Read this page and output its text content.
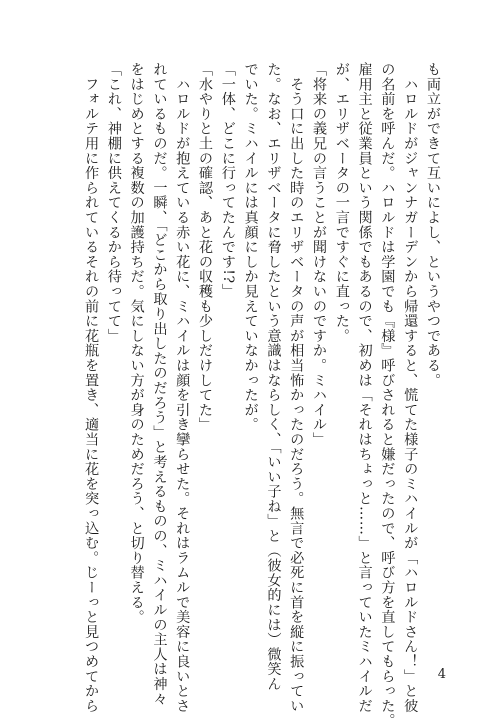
も両立ができて互いによし、というやつである。
　ハロルドがジャンナガーデンから帰還すると、慌てた様子のミハイルが「ハロルドさん！」と彼
の名前を呼んだ。ハロルドは学園でも『様』呼びされると嫌だったので、呼び方を直してもらった。
雇用主と従業員という関係でもあるので、初めは「それはちょっと……」と言っていたミハイルだ
が、エリザベータの一言ですぐに直った。
「将来の義兄の言うことが聞けないのですか。ミハイル」
　そう口に出した時のエリザベータの声が相当怖かったのだろう。無言で必死に首を縦に振ってい
た。なお、エリザベータに脅したという意識はならしく、「いい子ね」と（彼女的には）微笑ん
でいた。ミハイルには真顔にしか見えていなかったが。
「一体、どこに行ってたんです!?」
「水やりと土の確認、あと花の収穫も少しだけしてた」
　ハロルドが抱えている赤い花に、ミハイルは顔を引き攣らせた。それはラムルで美容に良いとさ
れているものだ。一瞬、「どこから取り出したのだろう」と考えるものの、ミハイルの主人は神々
をはじめとする複数の加護持ちだ。気にしない方が身のためだろう、と切り替える。
「これ、神棚に供えてくるから待ってて」
　フォルテ用に作られているそれの前に花瓶を置き、適当に花を突っ込む。じーっと見つめてから	4
